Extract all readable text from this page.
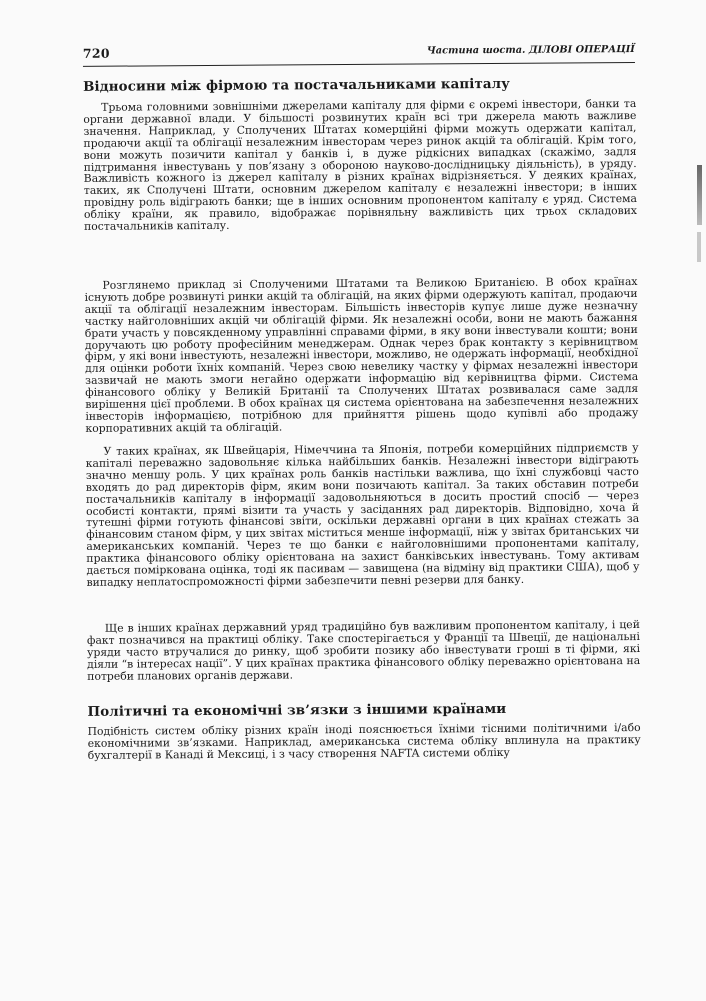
720	Частина шоста. ДІЛОВІ ОПЕРАЦІЇ
Відносини між фірмою та постачальниками капіталу

Трьома головними зовнішніми джерелами капіталу для фірми є окремі інвестори, банки та органи державної влади. У більшості розвинутих країн всі три джерела мають важливе значення. Наприклад, у Сполучених Штатах комерційні фірми можуть одержати капітал, продаючи акції та облігації незалежним інвесторам через ринок акцій та облігацій. Крім того, вони можуть позичити капітал у банків і, в дуже рідкісних випадках (скажімо, задля підтримання інвестувань у пов’язану з обороною науково-дослідницьку діяльність), в уряду. Важливість кожного із джерел капіталу в різних країнах відрізняється. У деяких країнах, таких, як Сполучені Штати, основним джерелом капіталу є незалежні інвестори; в інших провідну роль відіграють банки; ще в інших основним пропонентом капіталу є уряд. Система обліку країни, як правило, відображає порівняльну важливість цих трьох складових постачальників капіталу.

Розглянемо приклад зі Сполученими Штатами та Великою Британією. В обох країнах існують добре розвинуті ринки акцій та облігацій, на яких фірми одержують капітал, продаючи акції та облігації незалежним інвесторам. Більшість інвесторів купує лише дуже незначну частку найголовніших акцій чи облігацій фірми. Як незалежні особи, вони не мають бажання брати участь у повсякденному управлінні справами фірми, в яку вони інвестували кошти; вони доручають цю роботу професійним менеджерам. Однак через брак контакту з керівництвом фірм, у які вони інвестують, незалежні інвестори, можливо, не одержать інформації, необхідної для оцінки роботи їхніх компаній. Через свою невелику частку у фірмах незалежні інвестори зазвичай не мають змоги негайно одержати інформацію від керівництва фірми. Система фінансового обліку у Великій Британії та Сполучених Штатах розвивалася саме задля вирішення цієї проблеми. В обох країнах ця система орієнтована на забезпечення незалежних інвесторів інформацією, потрібною для прийняття рішень щодо купівлі або продажу корпоративних акцій та облігацій.

У таких країнах, як Швейцарія, Німеччина та Японія, потреби комерційних підприємств у капіталі переважно задовольняє кілька найбільших банків. Незалежні інвестори відіграють значно меншу роль. У цих країнах роль банків настільки важлива, що їхні службовці часто входять до рад директорів фірм, яким вони позичають капітал. За таких обставин потреби постачальників капіталу в інформації задовольняються в досить простий спосіб — через особисті контакти, прямі візити та участь у засіданнях рад директорів. Відповідно, хоча й тутешні фірми готують фінансові звіти, оскільки державні органи в цих країнах стежать за фінансовим станом фірм, у цих звітах міститься менше інформації, ніж у звітах британських чи американських компаній. Через те що банки є найголовнішими пропонентами капіталу, практика фінансового обліку орієнтована на захист банківських інвестувань. Тому активам дається поміркована оцінка, тоді як пасивам — завищена (на відміну від практики США), щоб у випадку неплатоспроможності фірми забезпечити певні резерви для банку.

Ще в інших країнах державний уряд традиційно був важливим пропонентом капіталу, і цей факт позначився на практиці обліку. Таке спостерігається у Франції та Швеції, де національні уряди часто втручалися до ринку, щоб зробити позику або інвестувати гроші в ті фірми, які діяли “в інтересах нації”. У цих країнах практика фінансового обліку переважно орієнтована на потреби планових органів держави.

Політичні та економічні зв’язки з іншими країнами

Подібність систем обліку різних країн іноді пояснюється їхніми тісними політичними і/або економічними зв’язками. Наприклад, американська система обліку вплинула на практику бухгалтерії в Канаді й Мексиці, і з часу створення NAFTA системи обліку
